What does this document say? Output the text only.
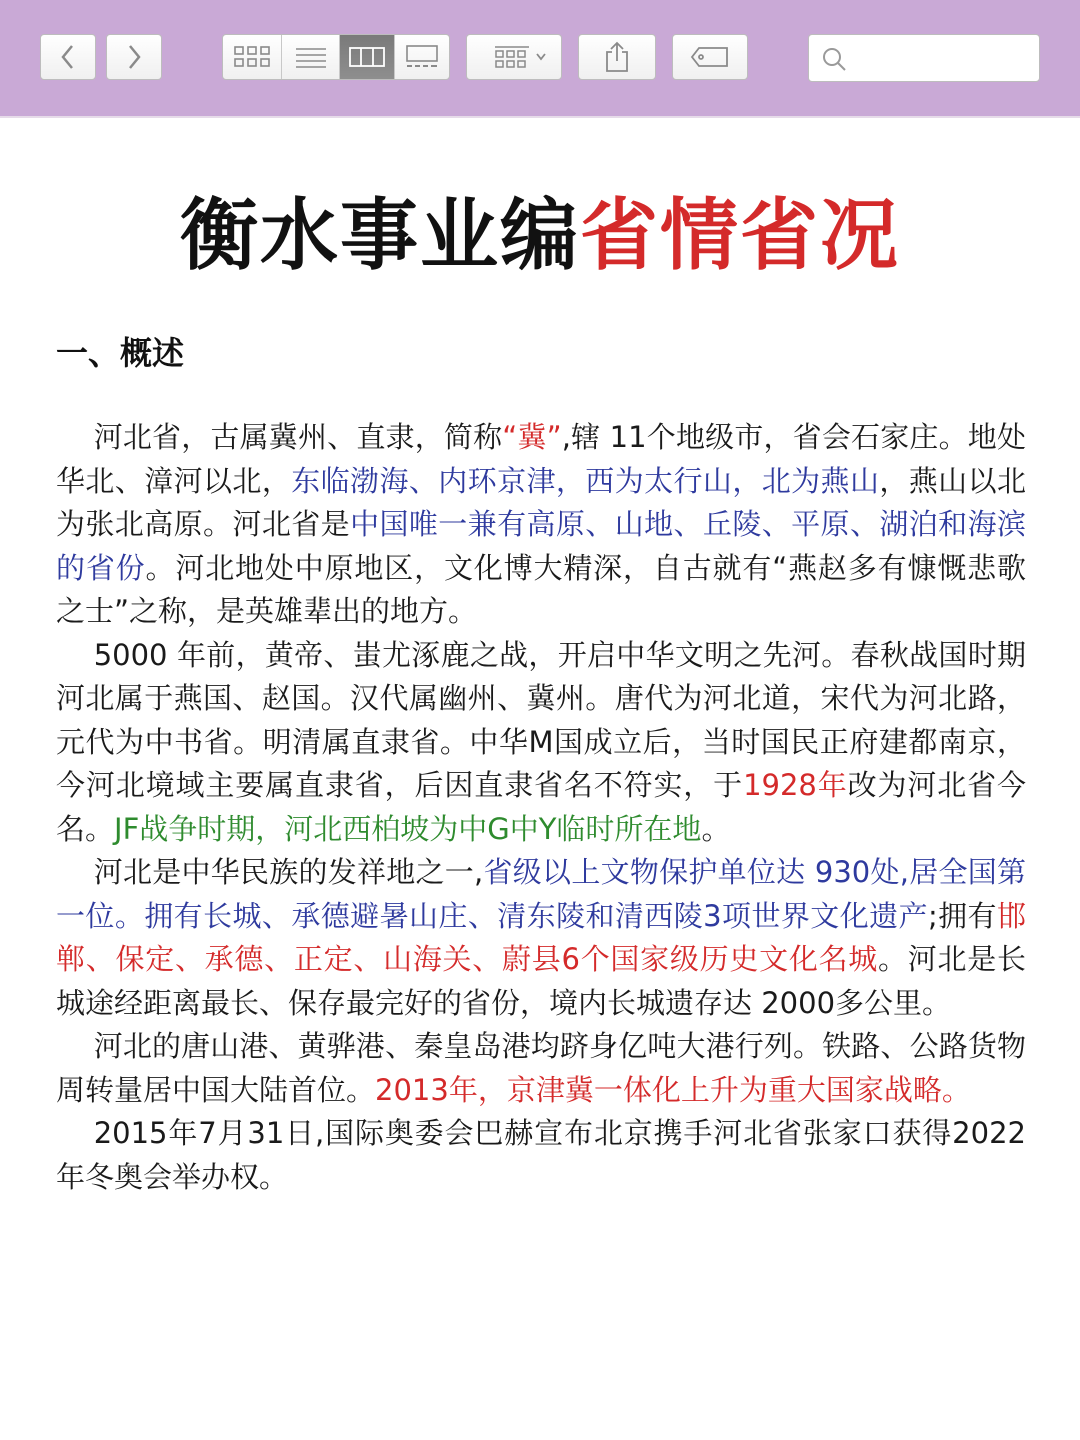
衡水事业编省情省况
一、概述

河北省，古属冀州、直隶，简称“冀”,辖 11个地级市，省会石家庄。地处华北、漳河以北，东临渤海、内环京津，西为太行山，北为燕山，燕山以北为张北高原。河北省是中国唯一兼有高原、山地、丘陵、平原、湖泊和海滨的省份。河北地处中原地区，文化博大精深，自古就有“燕赵多有慷慨悲歌之士”之称，是英雄辈出的地方。

5000 年前，黄帝、蚩尤涿鹿之战，开启中华文明之先河。春秋战国时期河北属于燕国、赵国。汉代属幽州、冀州。唐代为河北道，宋代为河北路，元代为中书省。明清属直隶省。中华M国成立后，当时国民正府建都南京，今河北境域主要属直隶省，后因直隶省名不符实，于1928年改为河北省今名。JF战争时期，河北西柏坡为中G中Y临时所在地。

河北是中华民族的发祥地之一,省级以上文物保护单位达 930处,居全国第一位。拥有长城、承德避暑山庄、清东陵和清西陵3项世界文化遗产;拥有邯郸、保定、承德、正定、山海关、蔚县6个国家级历史文化名城。河北是长城途经距离最长、保存最完好的省份，境内长城遗存达 2000多公里。

河北的唐山港、黄骅港、秦皇岛港均跻身亿吨大港行列。铁路、公路货物周转量居中国大陆首位。2013年，京津冀一体化上升为重大国家战略。

2015年7月31日,国际奥委会巴赫宣布北京携手河北省张家口获得2022 年冬奥会举办权。
